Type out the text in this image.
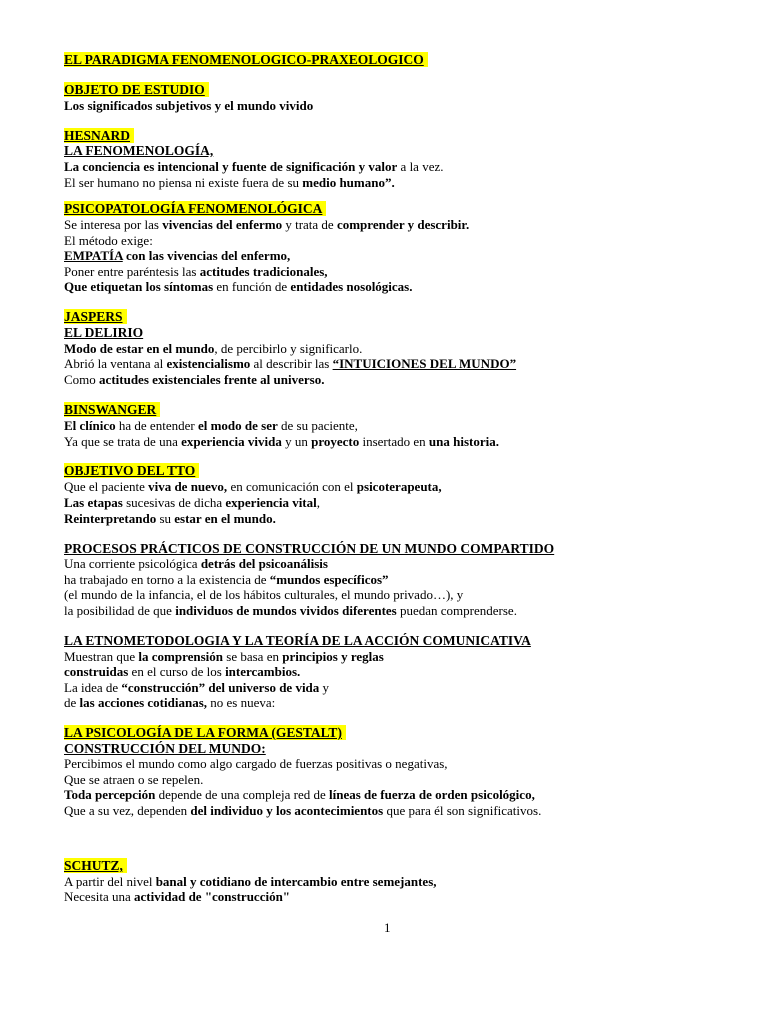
EL PARADIGMA FENOMENOLOGICO-PRAXEOLOGICO
OBJETO DE ESTUDIO
Los significados subjetivos y el mundo vivido
HESNARD
LA FENOMENOLOGÍA,
La conciencia es intencional y fuente de significación y valor a la vez.
El ser humano no piensa ni existe fuera de su medio humano”.
PSICOPATOLOGÍA FENOMENOLÓGICA
Se interesa por las vivencias del enfermo y trata de comprender y describir.
El método exige:
EMPATÍA con las vivencias del enfermo,
Poner entre paréntesis las actitudes tradicionales,
Que etiquetan los síntomas en función de entidades nosológicas.
JASPERS
EL DELIRIO
Modo de estar en el mundo, de percibirlo y significarlo.
Abrió la ventana al existencialismo al describir las “INTUICIONES DEL MUNDO”
Como actitudes existenciales frente al universo.
BINSWANGER
El clínico ha de entender el modo de ser de su paciente,
Ya que se trata de una experiencia vivida y un proyecto insertado en una historia.
OBJETIVO DEL TTO
Que el paciente viva de nuevo, en comunicación con el psicoterapeuta,
Las etapas sucesivas de dicha experiencia vital,
Reinterpretando su estar en el mundo.
PROCESOS PRÁCTICOS DE CONSTRUCCIÓN DE UN MUNDO COMPARTIDO
Una corriente psicológica detrás del psicoanálisis
ha trabajado en torno a la existencia de “mundos específicos”
(el mundo de la infancia, el de los hábitos culturales, el mundo privado…), y
la posibilidad de que individuos de mundos vividos diferentes puedan comprenderse.
LA ETNOMETODOLOGIA Y LA TEORÍA DE LA ACCIÓN COMUNICATIVA
Muestran que la comprensión se basa en principios y reglas
construidas en el curso de los intercambios.
La idea de “construcción” del universo de vida y
de las acciones cotidianas, no es nueva:
LA PSICOLOGÍA DE LA FORMA (GESTALT)
CONSTRUCCIÓN DEL MUNDO:
Percibimos el mundo como algo cargado de fuerzas positivas o negativas,
Que se atraen o se repelen.
Toda percepción depende de una compleja red de líneas de fuerza de orden psicológico,
Que a su vez, dependen del individuo y los acontecimientos que para él son significativos.
SCHUTZ,
A partir del nivel banal y cotidiano de intercambio entre semejantes,
Necesita una actividad de "construcción"
1
